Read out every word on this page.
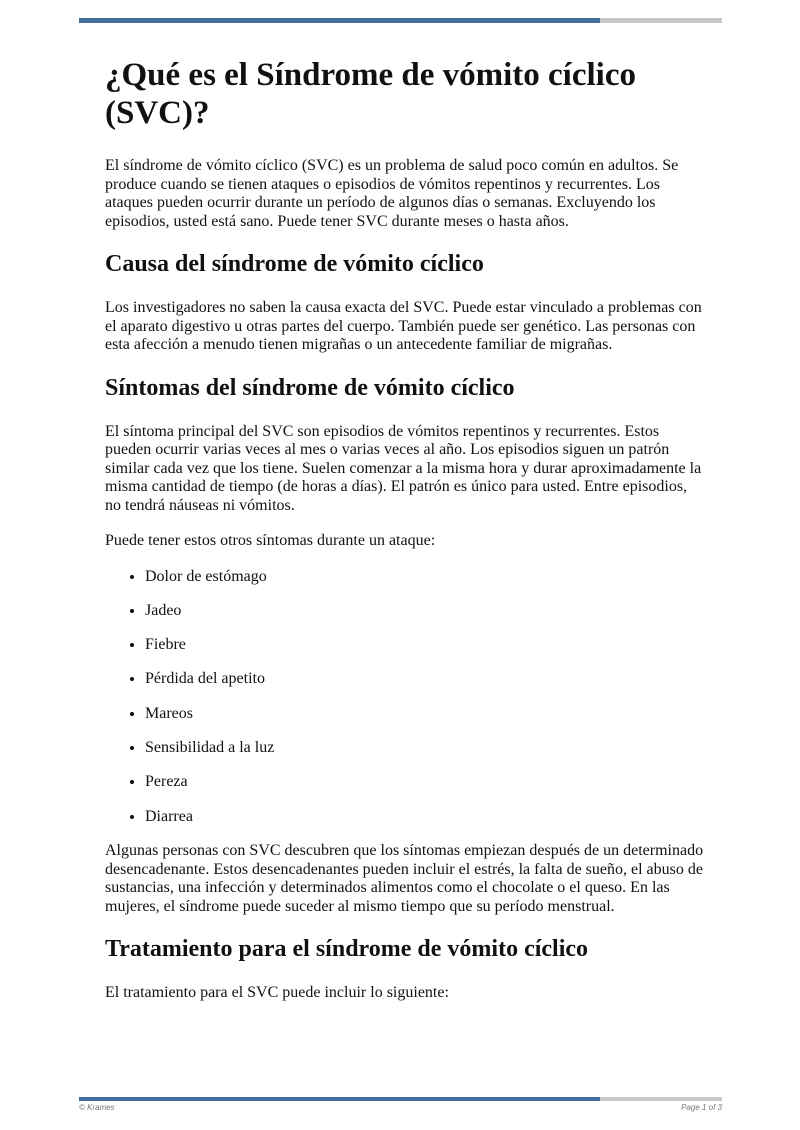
¿Qué es el Síndrome de vómito cíclico (SVC)?

El síndrome de vómito cíclico (SVC) es un problema de salud poco común en adultos. Se produce cuando se tienen ataques o episodios de vómitos repentinos y recurrentes. Los ataques pueden ocurrir durante un período de algunos días o semanas. Excluyendo los episodios, usted está sano. Puede tener SVC durante meses o hasta años.

Causa del síndrome de vómito cíclico

Los investigadores no saben la causa exacta del SVC. Puede estar vinculado a problemas con el aparato digestivo u otras partes del cuerpo. También puede ser genético. Las personas con esta afección a menudo tienen migrañas o un antecedente familiar de migrañas.

Síntomas del síndrome de vómito cíclico

El síntoma principal del SVC son episodios de vómitos repentinos y recurrentes. Estos pueden ocurrir varias veces al mes o varias veces al año. Los episodios siguen un patrón similar cada vez que los tiene. Suelen comenzar a la misma hora y durar aproximadamente la misma cantidad de tiempo (de horas a días). El patrón es único para usted. Entre episodios, no tendrá náuseas ni vómitos.

Puede tener estos otros síntomas durante un ataque:

• Dolor de estómago
• Jadeo
• Fiebre
• Pérdida del apetito
• Mareos
• Sensibilidad a la luz
• Pereza
• Diarrea

Algunas personas con SVC descubren que los síntomas empiezan después de un determinado desencadenante. Estos desencadenantes pueden incluir el estrés, la falta de sueño, el abuso de sustancias, una infección y determinados alimentos como el chocolate o el queso. En las mujeres, el síndrome puede suceder al mismo tiempo que su período menstrual.

Tratamiento para el síndrome de vómito cíclico

El tratamiento para el SVC puede incluir lo siguiente:

© Krames	Page 1 of 3
